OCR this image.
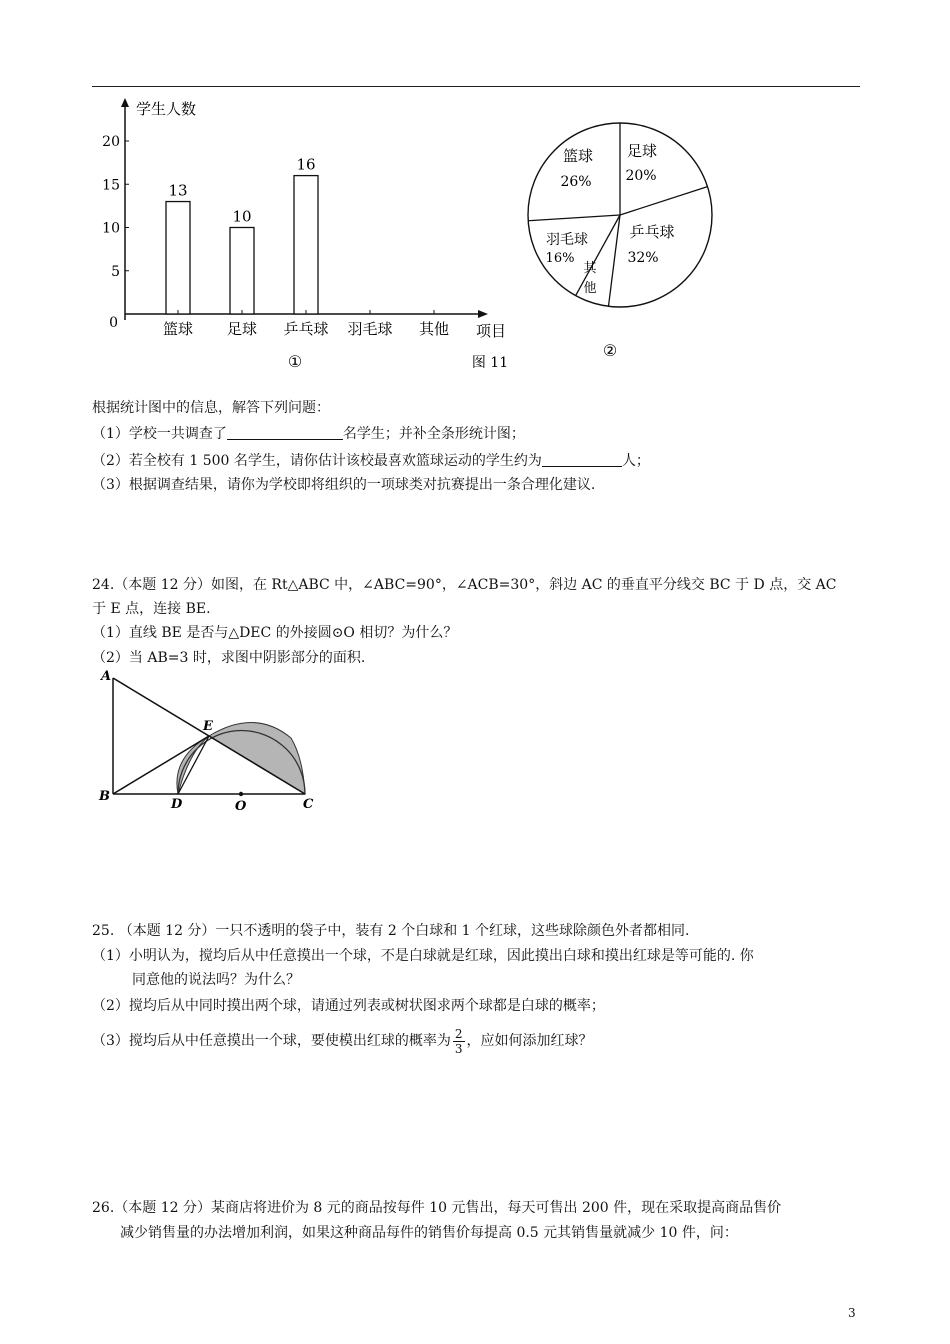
学生人数
项目
0
5
10
15
20
13
篮球
10
足球
16
乒乓球 羽毛球 其他
①	图 11
篮球
26%
足球
20%
乒乓球
32%
羽毛球
16%
其
他
②
根据统计图中的信息，解答下列问题：
（1）学校一共调查了	名学生；并补全条形统计图；
（2）若全校有 1 500 名学生，请你估计该校最喜欢篮球运动的学生约为	人；
（3）根据调查结果，请你为学校即将组织的一项球类对抗赛提出一条合理化建议.
24.（本题 12 分）如图，在 Rt△ABC 中，∠ABC=90°，∠ACB=30°，斜边 AC 的垂直平分线交 BC 于 D 点，交 AC
于 E 点，连接 BE.
（1）直线 BE 是否与△DEC 的外接圆⊙O 相切？为什么？
（2）当 AB=3 时，求图中阴影部分的面积.
A
B
C
D
E
O
25. （本题 12 分）一只不透明的袋子中，装有 2 个白球和 1 个红球，这些球除颜色外者都相同.
（1）小明认为，搅均后从中任意摸出一个球，不是白球就是红球，因此摸出白球和摸出红球是等可能的. 你
同意他的说法吗？为什么？
（2）搅均后从中同时摸出两个球，请通过列表或树状图求两个球都是白球的概率；
（3）搅均后从中任意摸出一个球，要使模出红球的概率为 $\frac{2}{3}$ ，应如何添加红球？
26.（本题 12 分）某商店将进价为 8 元的商品按每件 10 元售出，每天可售出 200 件，现在采取提高商品售价
减少销售量的办法增加利润，如果这种商品每件的销售价每提高 0.5 元其销售量就减少 10 件，问：
3
